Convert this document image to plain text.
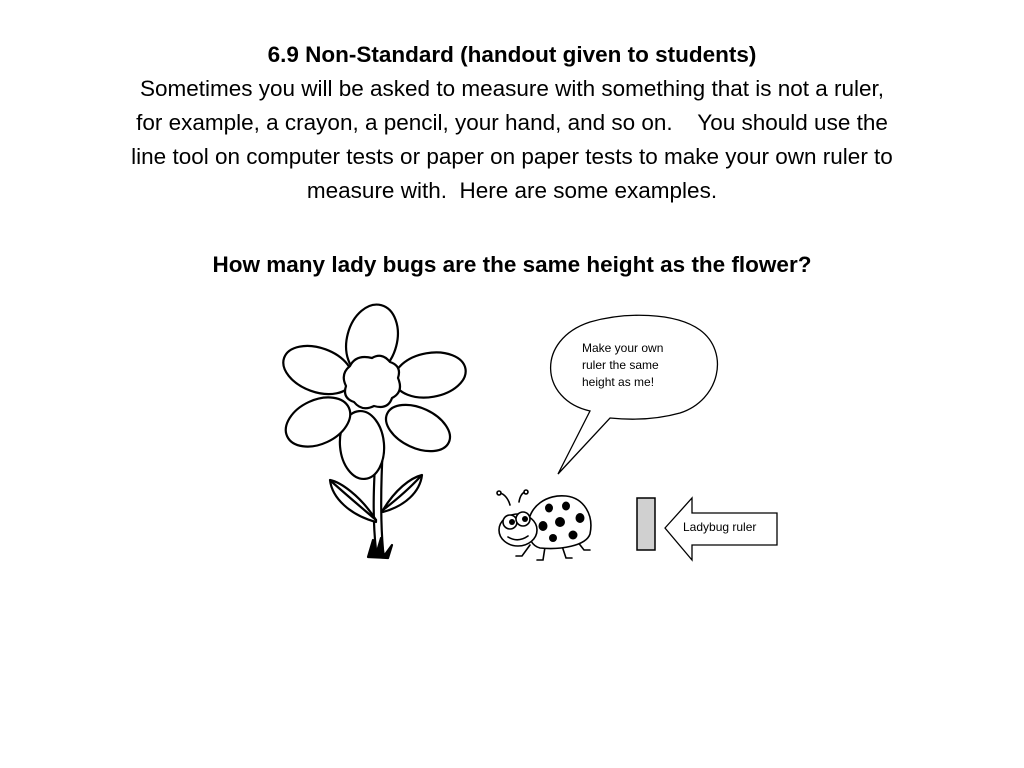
6.9 Non-Standard (handout given to students)
Sometimes you will be asked to measure with something that is not a ruler,
for example, a crayon, a pencil, your hand, and so on.    You should use the
line tool on computer tests or paper on paper tests to make your own ruler to
measure with.  Here are some examples.
How many lady bugs are the same height as the flower?
Make your own
ruler the same
height as me!
Ladybug ruler
